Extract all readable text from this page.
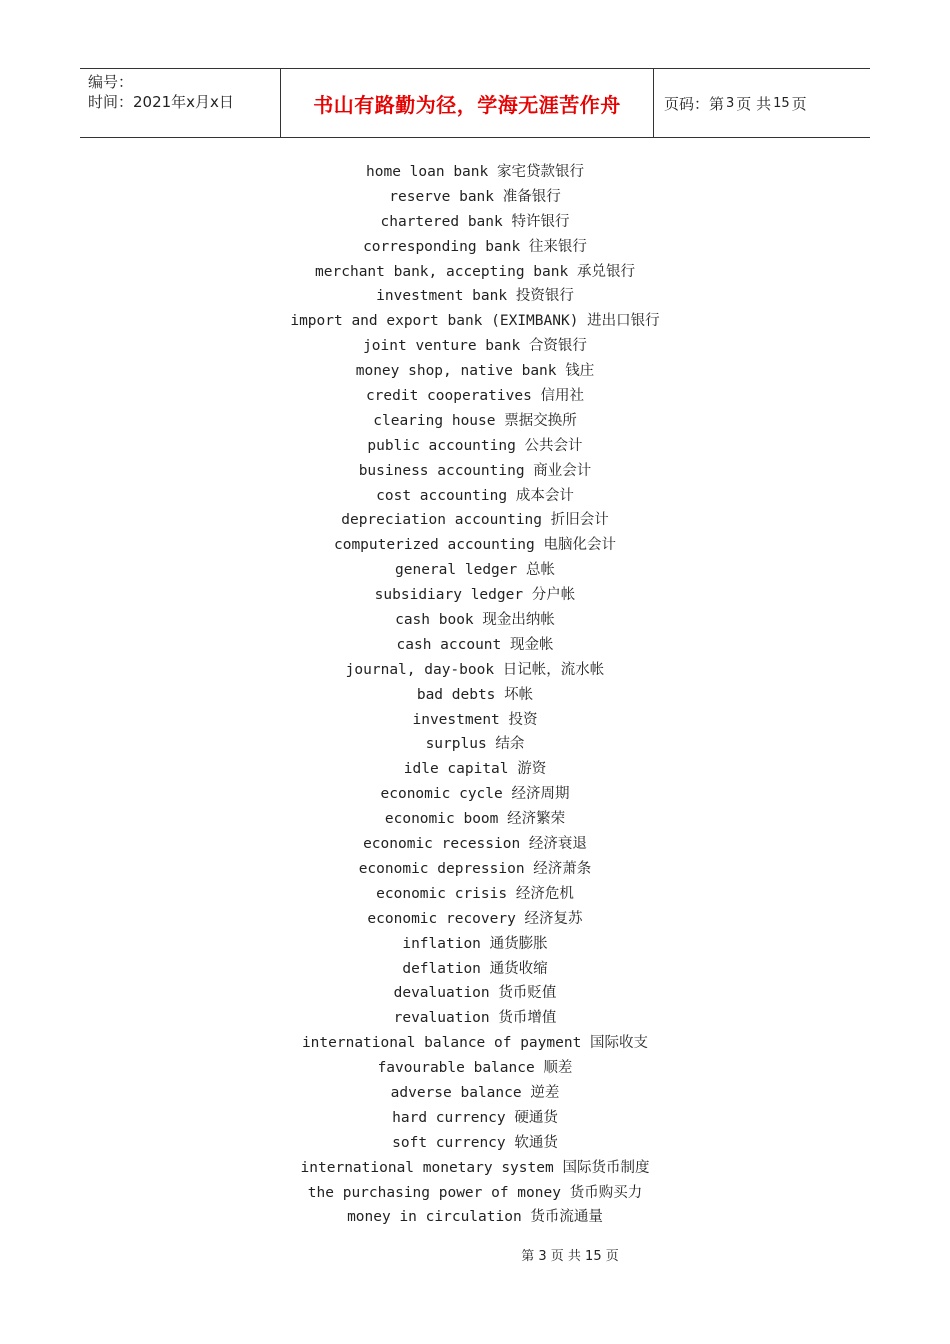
编号：
时间：2021年x月x日	书山有路勤为径，学海无涯苦作舟	页码：第 3 页 共 15 页
home loan bank 家宅贷款银行
reserve bank 准备银行
chartered bank 特许银行
corresponding bank 往来银行
merchant bank, accepting bank 承兑银行
investment bank 投资银行
import and export bank (EXIMBANK) 进出口银行
joint venture bank 合资银行
money shop, native bank 钱庄
credit cooperatives 信用社
clearing house 票据交换所
public accounting 公共会计
business accounting 商业会计
cost accounting 成本会计
depreciation accounting 折旧会计
computerized accounting 电脑化会计
general ledger 总帐
subsidiary ledger 分户帐
cash book 现金出纳帐
cash account 现金帐
journal, day-book 日记帐，流水帐
bad debts 坏帐
investment 投资
surplus 结余
idle capital 游资
economic cycle 经济周期
economic boom 经济繁荣
economic recession 经济衰退
economic depression 经济萧条
economic crisis 经济危机
economic recovery 经济复苏
inflation 通货膨胀
deflation 通货收缩
devaluation 货币贬值
revaluation 货币增值
international balance of payment 国际收支
favourable balance 顺差
adverse balance 逆差
hard currency 硬通货
soft currency 软通货
international monetary system 国际货币制度
the purchasing power of money 货币购买力
money in circulation 货币流通量
第 3 页 共 15 页
